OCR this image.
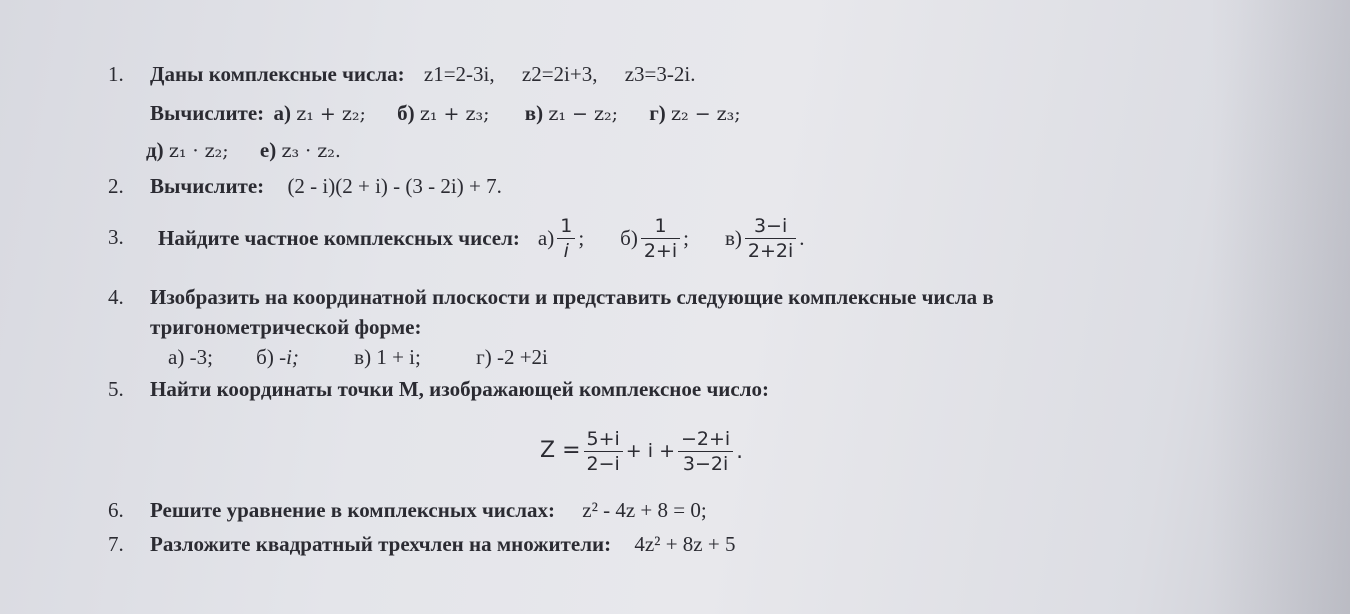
1. Даны комплексные числа: z1=2-3i, z2=2i+3, z3=3-2i.
Вычислите: а) z₁ + z₂; б) z₁ + z₃; в) z₁ − z₂; г) z₂ − z₃;
д) z₁ · z₂; е) z₃ · z₂.
2. Вычислите: (2 - i)(2 + i) - (3 - 2i) + 7.
3. Найдите частное комплексных чисел: $а) \frac{1}{i}$ ; $б) \frac{1}{2+i}$ ; $в) \frac{3-i}{2+2i}$ .
4. Изобразить на координатной плоскости и представить следующие комплексные числа в
тригонометрической форме:
а) -3; б) -i;	в) 1 + i;	г) -2 +2i
5. Найти координаты точки M, изображающей комплексное число:
$Z = \frac{5+i}{2-i} + i + \frac{-2+i}{3-2i}$ .
6. Решите уравнение в комплексных числах: z² - 4z + 8 = 0;
7. Разложите квадратный трехчлен на множители: 4z² + 8z + 5
